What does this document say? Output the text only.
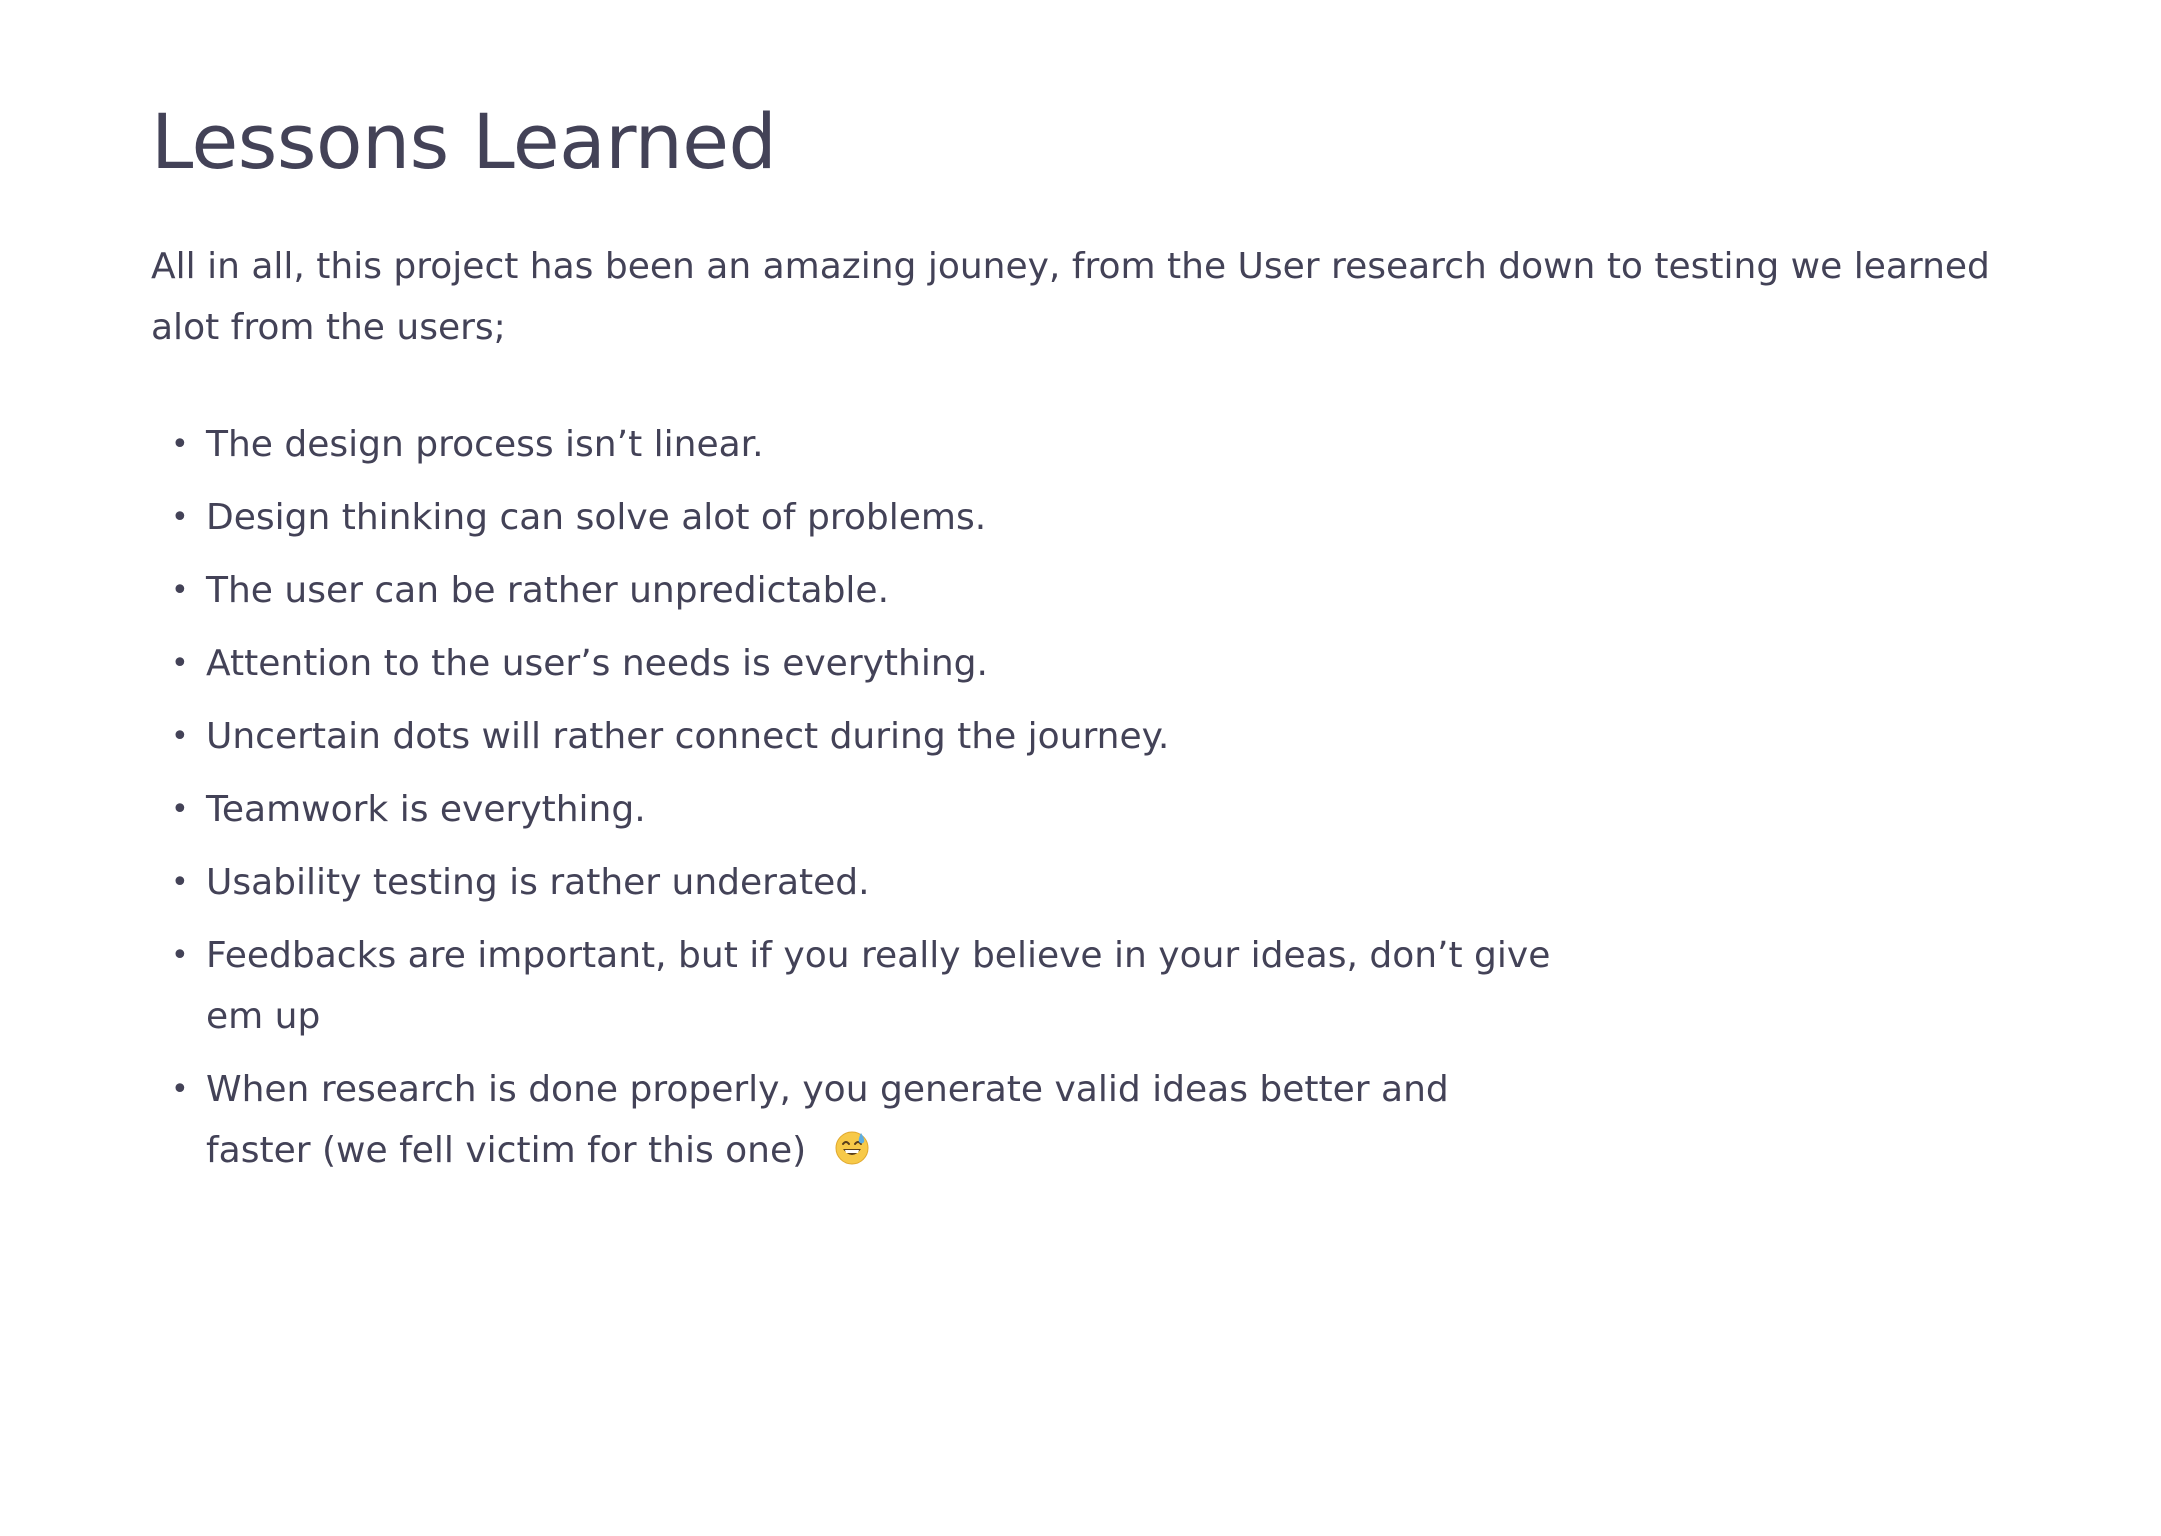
Lessons Learned

All in all, this project has been an amazing jouney, from the User research down to testing we learned alot from the users;

• The design process isn’t linear.
• Design thinking can solve alot of problems.
• The user can be rather unpredictable.
• Attention to the user’s needs is everything.
• Uncertain dots will rather connect during the journey.
• Teamwork is everything.
• Usability testing is rather underated.
• Feedbacks are important, but if you really believe in your ideas, don’t give em up
• When research is done properly, you generate valid ideas better and faster (we fell victim for this one)
